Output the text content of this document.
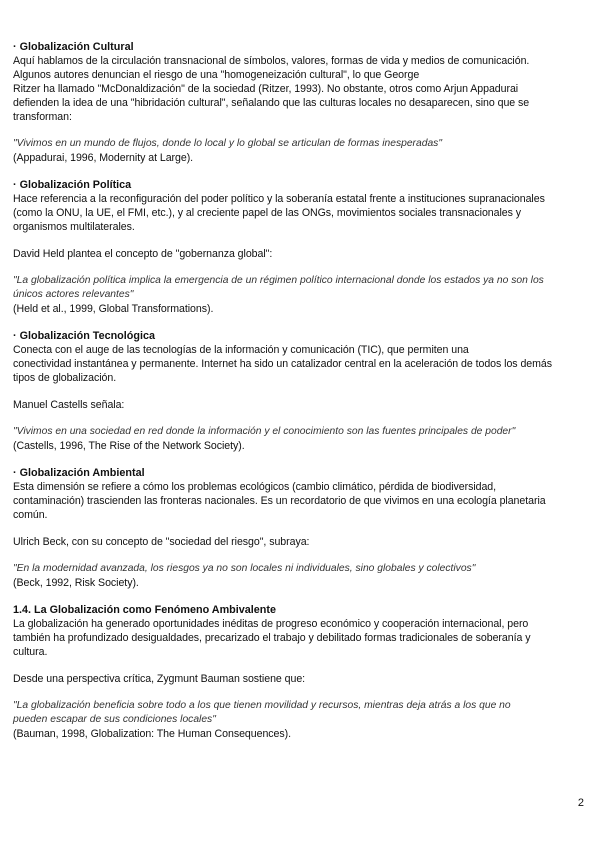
· Globalización Cultural

Aquí hablamos de la circulación transnacional de símbolos, valores, formas de vida y medios de comunicación.
Algunos autores denuncian el riesgo de una "homogeneización cultural", lo que George
Ritzer ha llamado "McDonaldización" de la sociedad (Ritzer, 1993). No obstante, otros como Arjun Appadurai
defienden la idea de una "hibridación cultural", señalando que las culturas locales no desaparecen, sino que se
transforman:

"Vivimos en un mundo de flujos, donde lo local y lo global se articulan de formas inesperadas"

(Appadurai, 1996, Modernity at Large).

· Globalización Política

Hace referencia a la reconfiguración del poder político y la soberanía estatal frente a instituciones supranacionales
(como la ONU, la UE, el FMI, etc.), y al creciente papel de las ONGs, movimientos sociales transnacionales y
organismos multilaterales.

David Held plantea el concepto de "gobernanza global":

"La globalización política implica la emergencia de un régimen político internacional donde los estados ya no son los
únicos actores relevantes"

(Held et al., 1999, Global Transformations).

· Globalización Tecnológica

Conecta con el auge de las tecnologías de la información y comunicación (TIC), que permiten una
conectividad instantánea y permanente. Internet ha sido un catalizador central en la aceleración de todos los demás
tipos de globalización.

Manuel Castells señala:

"Vivimos en una sociedad en red donde la información y el conocimiento son las fuentes principales de poder"

(Castells, 1996, The Rise of the Network Society).

· Globalización Ambiental

Esta dimensión se refiere a cómo los problemas ecológicos (cambio climático, pérdida de biodiversidad,
contaminación) trascienden las fronteras nacionales. Es un recordatorio de que vivimos en una ecología planetaria
común.

Ulrich Beck, con su concepto de "sociedad del riesgo", subraya:

"En la modernidad avanzada, los riesgos ya no son locales ni individuales, sino globales y colectivos"

(Beck, 1992, Risk Society).

1.4. La Globalización como Fenómeno Ambivalente

La globalización ha generado oportunidades inéditas de progreso económico y cooperación internacional, pero
también ha profundizado desigualdades, precarizado el trabajo y debilitado formas tradicionales de soberanía y
cultura.

Desde una perspectiva crítica, Zygmunt Bauman sostiene que:

"La globalización beneficia sobre todo a los que tienen movilidad y recursos, mientras deja atrás a los que no
pueden escapar de sus condiciones locales"

(Bauman, 1998, Globalization: The Human Consequences).

2
